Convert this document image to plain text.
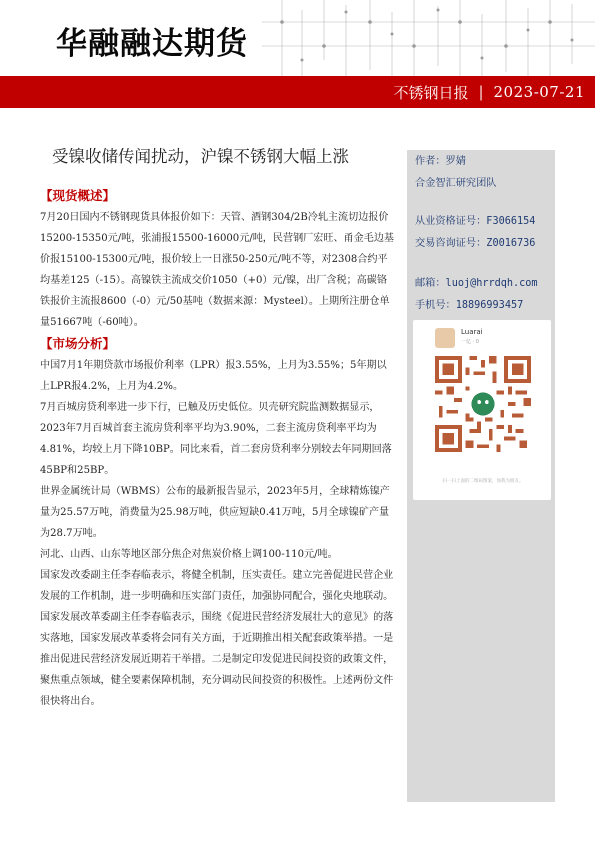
华融融达期货
不锈钢日报 | 2023-07-21
受镍收储传闻扰动，沪镍不锈钢大幅上涨
【现货概述】

7月20日国内不锈钢现货具体报价如下：天管、酒钢304/2B冷轧主流切边报价15200-15350元/吨，张浦报15500-16000元/吨，民营钢厂宏旺、甬金毛边基价报15100-15300元/吨，报价较上一日涨50-250元/吨不等，对2308合约平均基差125（-15）。高镍铁主流成交价1050（+0）元/镍，出厂含税；高碳铬铁报价主流报8600（-0）元/50基吨（数据来源：Mysteel）。上期所注册仓单量51667吨（-60吨）。

【市场分析】

中国7月1年期贷款市场报价利率（LPR）报3.55%，上月为3.55%；5年期以上LPR报4.2%，上月为4.2%。

7月百城房贷利率进一步下行，已触及历史低位。贝壳研究院监测数据显示，2023年7月百城首套主流房贷利率平均为3.90%，二套主流房贷利率平均为4.81%，均较上月下降10BP。同比来看，首二套房贷利率分别较去年同期回落45BP和25BP。

世界金属统计局（WBMS）公布的最新报告显示，2023年5月，全球精炼镍产量为25.57万吨，消费量为25.98万吨，供应短缺0.41万吨，5月全球镍矿产量为28.7万吨。

河北、山西、山东等地区部分焦企对焦炭价格上调100-110元/吨。

国家发改委副主任李春临表示，将健全机制，压实责任。建立完善促进民营企业发展的工作机制，进一步明确和压实部门责任，加强协同配合，强化央地联动。

国家发展改革委副主任李春临表示，围绕《促进民营经济发展壮大的意见》的落实落地，国家发展改革委将会同有关方面，于近期推出相关配套政策举措。一是推出促进民营经济发展近期若干举措。二是制定印发促进民间投资的政策文件，聚焦重点领域，健全要素保障机制，充分调动民间投资的积极性。上述两份文件很快将出台。

作者：罗婧
合金智汇研究团队
从业资格证号：F3066154
交易咨询证号：Z0016736
邮箱：luoj@hrrdqh.com
手机号：18896993457
Luarai
一亿 · 0
扫一扫上面的二维码图案，加我为朋友。
